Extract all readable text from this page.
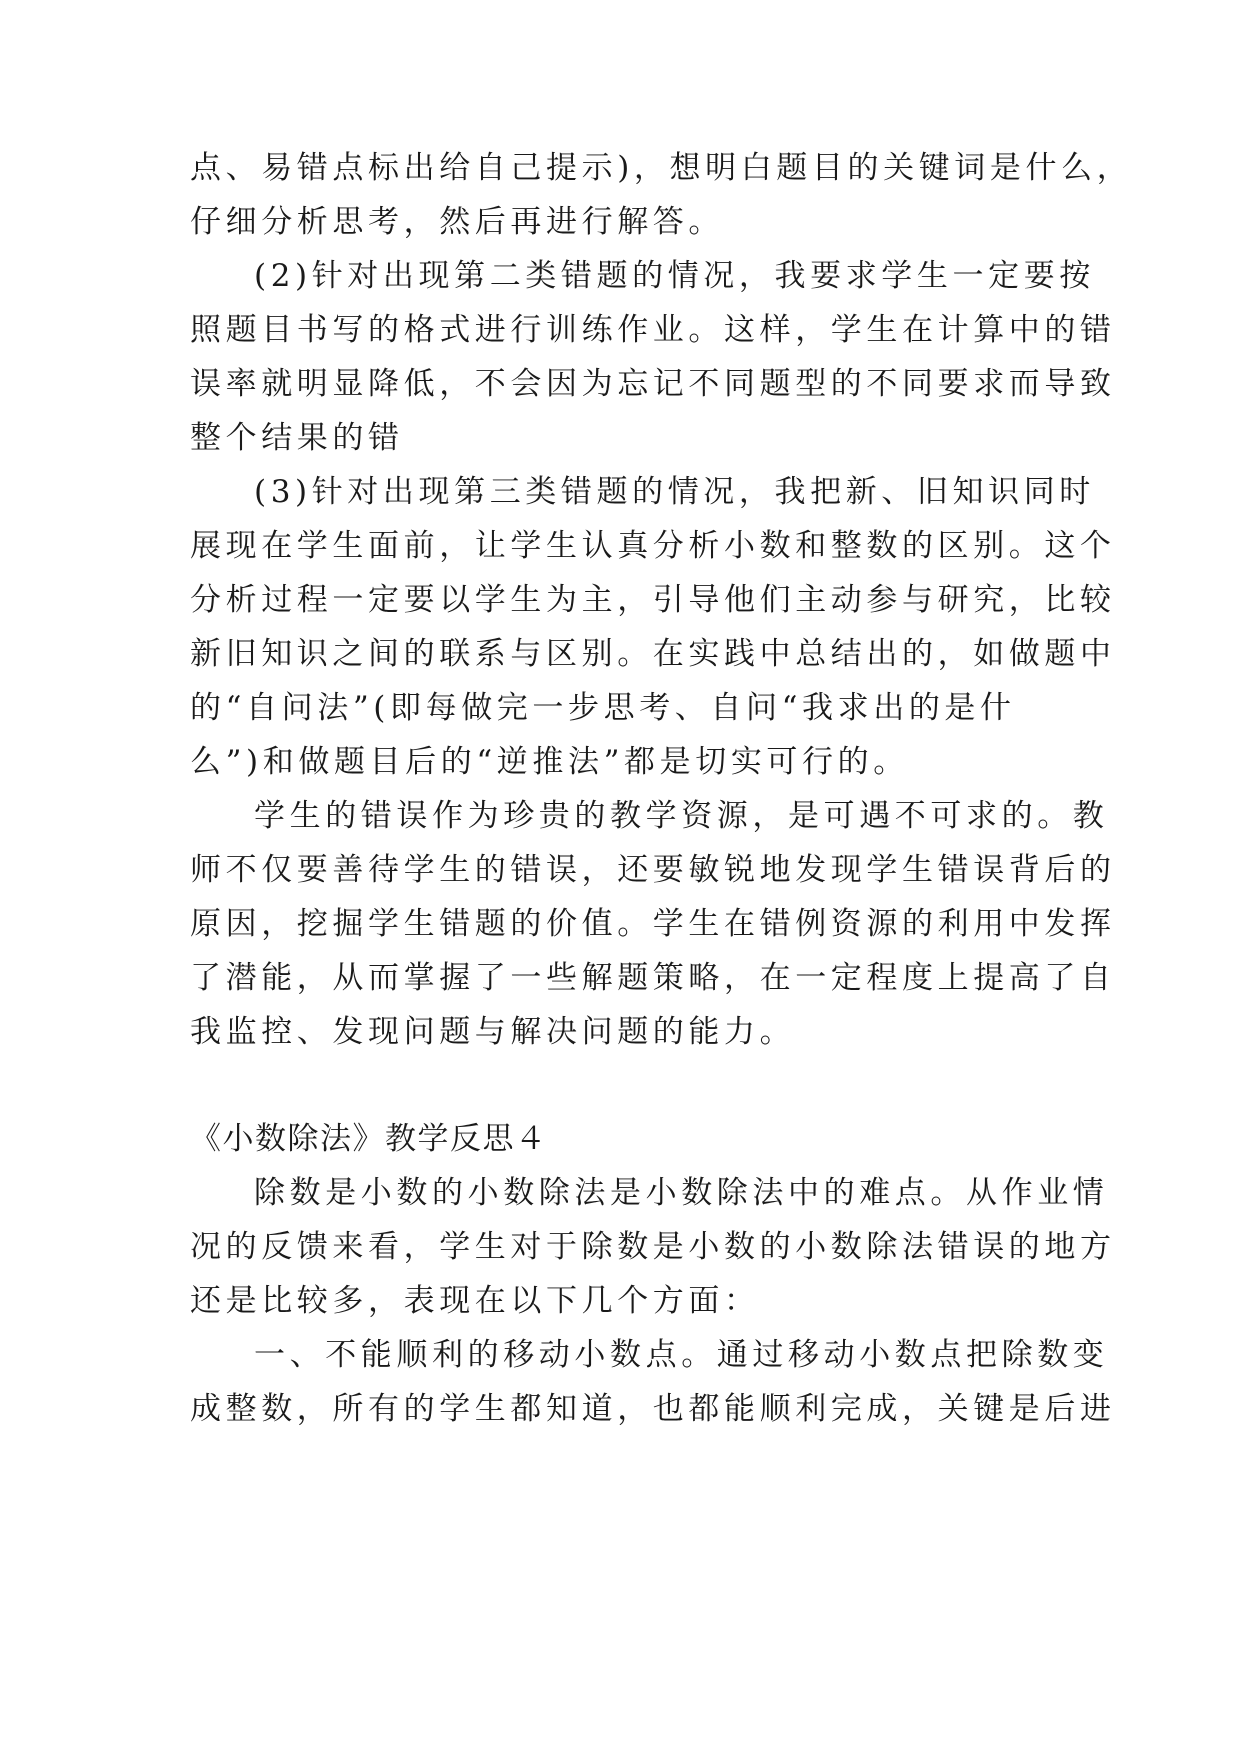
点、易错点标出给自己提示)，想明白题目的关键词是什么，
仔细分析思考，然后再进行解答。
(2)针对出现第二类错题的情况，我要求学生一定要按
照题目书写的格式进行训练作业。这样，学生在计算中的错
误率就明显降低，不会因为忘记不同题型的不同要求而导致
整个结果的错
(3)针对出现第三类错题的情况，我把新、旧知识同时
展现在学生面前，让学生认真分析小数和整数的区别。这个
分析过程一定要以学生为主，引导他们主动参与研究，比较
新旧知识之间的联系与区别。在实践中总结出的，如做题中
的“自问法”(即每做完一步思考、自问“我求出的是什
么”)和做题目后的“逆推法”都是切实可行的。
学生的错误作为珍贵的教学资源，是可遇不可求的。教
师不仅要善待学生的错误，还要敏锐地发现学生错误背后的
原因，挖掘学生错题的价值。学生在错例资源的利用中发挥
了潜能，从而掌握了一些解题策略，在一定程度上提高了自
我监控、发现问题与解决问题的能力。
《小数除法》教学反思４
除数是小数的小数除法是小数除法中的难点。从作业情
况的反馈来看，学生对于除数是小数的小数除法错误的地方
还是比较多，表现在以下几个方面：
一、不能顺利的移动小数点。通过移动小数点把除数变
成整数，所有的学生都知道，也都能顺利完成，关键是后进
